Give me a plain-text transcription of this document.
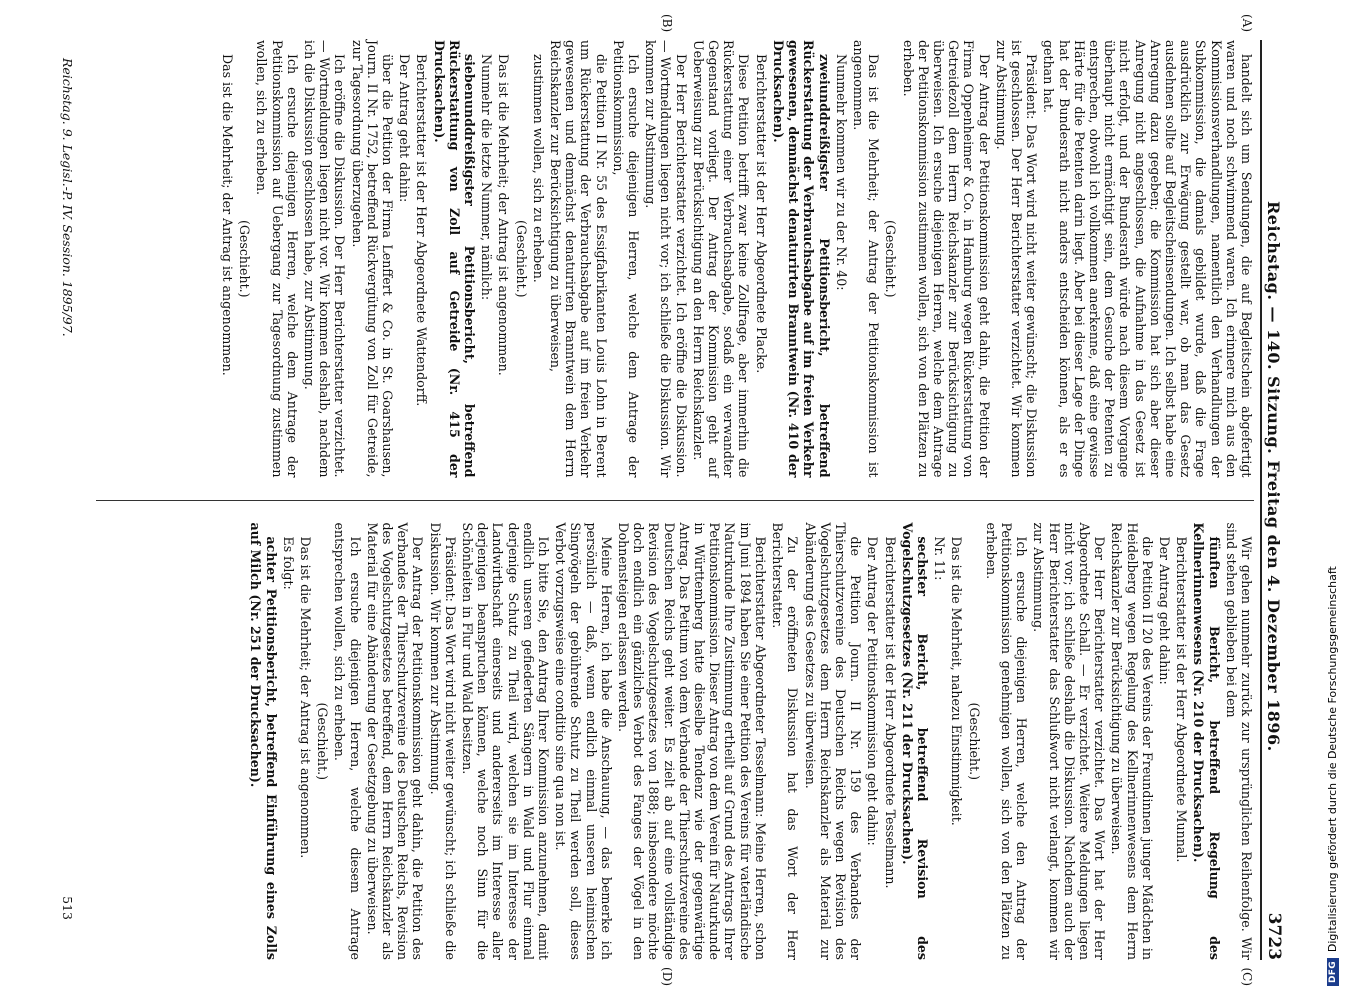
Reichstag. — 140. Sitzung. Freitag den 4. Dezember 1896.
3723
(A)
(B)

handelt sich um Sendungen, die auf Begleitschein abgefertigt waren und noch schwimmend waren. Ich erinnere mich aus den Kommissionsverhandlungen, namentlich den Verhandlungen der Subkommission, die damals gebildet wurde, daß die Frage ausdrücklich zur Erwägung gestellt war, ob man das Gesetz ausdehnen sollte auf Begleitscheinsendungen. Ich selbst habe eine Anregung dazu gegeben; die Kommission hat sich aber dieser Anregung nicht angeschlossen, die Aufnahme in das Gesetz ist nicht erfolgt, und der Bundesrath würde nach diesem Vorgange überhaupt nicht ermächtigt sein, dem Gesuche der Petenten zu entsprechen, obwohl ich vollkommen anerkenne, daß eine gewisse Härte für die Petenten darin liegt. Aber bei dieser Lage der Dinge hat der Bundesrath nicht anders entscheiden können, als er es gethan hat.

Präsident: Das Wort wird nicht weiter gewünscht; die Diskussion ist geschlossen. Der Herr Berichterstatter verzichtet. Wir kommen zur Abstimmung.

Der Antrag der Petitionskommission geht dahin, die Petition der Firma Oppenheimer & Co. in Hamburg wegen Rückerstattung von Getreidezoll dem Herrn Reichskanzler zur Berücksichtigung zu überweisen. Ich ersuche diejenigen Herren, welche dem Antrage der Petitionskommission zustimmen wollen, sich von den Plätzen zu erheben.

(Geschieht.)

Das ist die Mehrheit; der Antrag der Petitionskommission ist angenommen.

Nunmehr kommen wir zu der Nr. 40:

zweiunddreißigster Petitionsbericht, betreffend Rückerstattung der Verbrauchsabgabe auf im freien Verkehr gewesenen, demnächst denaturirten Branntwein (Nr. 410 der Drucksachen).

Berichterstatter ist der Herr Abgeordnete Placke.

Diese Petition betrifft zwar keine Zollfrage, aber immerhin die Rückerstattung einer Verbrauchsabgabe, sodaß ein verwandter Gegenstand vorliegt. Der Antrag der Kommission geht auf Ueberweisung zur Berücksichtigung an den Herrn Reichskanzler.

Der Herr Berichterstatter verzichtet. Ich eröffne die Diskussion. — Wortmeldungen liegen nicht vor; ich schließe die Diskussion. Wir kommen zur Abstimmung.

Ich ersuche diejenigen Herren, welche dem Antrage der Petitionskommission,

die Petition II Nr. 55 des Essigfabrikanten Louis Lohn in Berent um Rückerstattung der Verbrauchsabgabe auf im freien Verkehr gewesenen und demnächst denaturirten Branntwein dem Herrn Reichskanzler zur Berücksichtigung zu überweisen,

zustimmen wollen, sich zu erheben.

(Geschieht.)

Das ist die Mehrheit; der Antrag ist angenommen.

Nunmehr die letzte Nummer, nämlich:

siebenunddreißigster Petitionsbericht, betreffend Rückerstattung von Zoll auf Getreide (Nr. 415 der Drucksachen).

Berichterstatter ist der Herr Abgeordnete Wattendorff.

Der Antrag geht dahin:

über die Petition der Firma Lenffert & Co. in St. Goarshausen, Journ. II Nr. 1752, betreffend Rückvergütung von Zoll für Getreide, zur Tagesordnung überzugehen.

Ich eröffne die Diskussion. Der Herr Berichterstatter verzichtet. — Wortmeldungen liegen nicht vor. Wir kommen deshalb, nachdem ich die Diskussion geschlossen habe, zur Abstimmung.

Ich ersuche diejenigen Herren, welche dem Antrage der Petitionskommission auf Uebergang zur Tagesordnung zustimmen wollen, sich zu erheben.

(Geschieht.)

Das ist die Mehrheit; der Antrag ist angenommen.

(C)
(D)

Wir gehen nunmehr zurück zur ursprünglichen Reihenfolge. Wir sind stehen geblieben bei dem

fünften Bericht, betreffend Regelung des Kellnerinnenwesens (Nr. 210 der Drucksachen).

Berichterstatter ist der Herr Abgeordnete Munnal.

Der Antrag geht dahin:

die Petition II 20 des Vereins der Freundinnen junger Mädchen in Heidelberg wegen Regelung des Kellnerinnenwesens dem Herrn Reichskanzler zur Berücksichtigung zu überweisen.

Der Herr Berichterstatter verzichtet. Das Wort hat der Herr Abgeordnete Schall. — Er verzichtet. Weitere Meldungen liegen nicht vor; ich schließe deshalb die Diskussion. Nachdem auch der Herr Berichterstatter das Schlußwort nicht verlangt, kommen wir zur Abstimmung.

Ich ersuche diejenigen Herren, welche den Antrag der Petitionskommission genehmigen wollen, sich von den Plätzen zu erheben.

(Geschieht.)

Das ist die Mehrheit, nahezu Einstimmigkeit.

Nr. 11:

sechster Bericht, betreffend Revision des Vogelschutzgesetzes (Nr. 211 der Drucksachen).

Berichterstatter ist der Herr Abgeordnete Tesselmann.

Der Antrag der Petitionskommission geht dahin:

die Petition Journ. II Nr. 159 des Verbandes der Thierschutzvereine des Deutschen Reichs wegen Revision des Vogelschutzgesetzes dem Herrn Reichskanzler als Material zur Abänderung des Gesetzes zu überweisen.

Zu der eröffneten Diskussion hat das Wort der Herr Berichterstatter.

Berichterstatter Abgeordneter Tesselmann: Meine Herren, schon im Juni 1894 haben Sie einer Petition des Vereins für vaterländische Naturkunde Ihre Zustimmung ertheilt auf Grund des Antrags Ihrer Petitionskommission. Dieser Antrag von dem Verein für Naturkunde in Württemberg hatte dieselbe Tendenz wie der gegenwärtige Antrag. Das Petitum von dem Verbande der Thierschutzvereine des Deutschen Reichs geht weiter. Es zielt ab auf eine vollständige Revision des Vogelschutzgesetzes von 1888; insbesondere möchte doch endlich ein gänzliches Verbot des Fanges der Vögel in den Dohnensteigen erlassen werden.

Meine Herren, ich habe die Anschauung, — das bemerke ich persönlich — daß, wenn endlich einmal unseren heimischen Singvögeln der gebührende Schutz zu Theil werden soll, dieses Verbot vorzugsweise eine conditio sine qua non ist.

Ich bitte Sie, den Antrag Ihrer Kommission anzunehmen, damit endlich unseren gefiederten Sängern in Wald und Flur einmal derjenige Schutz zu Theil wird, welchen sie im Interesse der Landwirthschaft einerseits und andererseits im Interesse aller derjenigen beanspruchen können, welche noch Sinn für die Schönheiten in Flur und Wald besitzen.

Präsident: Das Wort wird nicht weiter gewünscht; ich schließe die Diskussion. Wir kommen zur Abstimmung.

Der Antrag der Petitionskommission geht dahin, die Petition des Verbandes der Thierschutzvereine des Deutschen Reichs, Revision des Vogelschutzgesetzes betreffend, dem Herrn Reichskanzler als Material für eine Abänderung der Gesetzgebung zu überweisen.

Ich ersuche diejenigen Herren, welche diesem Antrage entsprechen wollen, sich zu erheben.

(Geschieht.)

Das ist die Mehrheit; der Antrag ist angenommen.

Es folgt:

achter Petitionsbericht, betreffend Einführung eines Zolls auf Milch (Nr. 251 der Drucksachen).

Reichstag. 9. Legisl.-P. IV. Session. 1895/97.
513
DFG
Digitalisierung gefördert durch die Deutsche Forschungsgemeinschaft
